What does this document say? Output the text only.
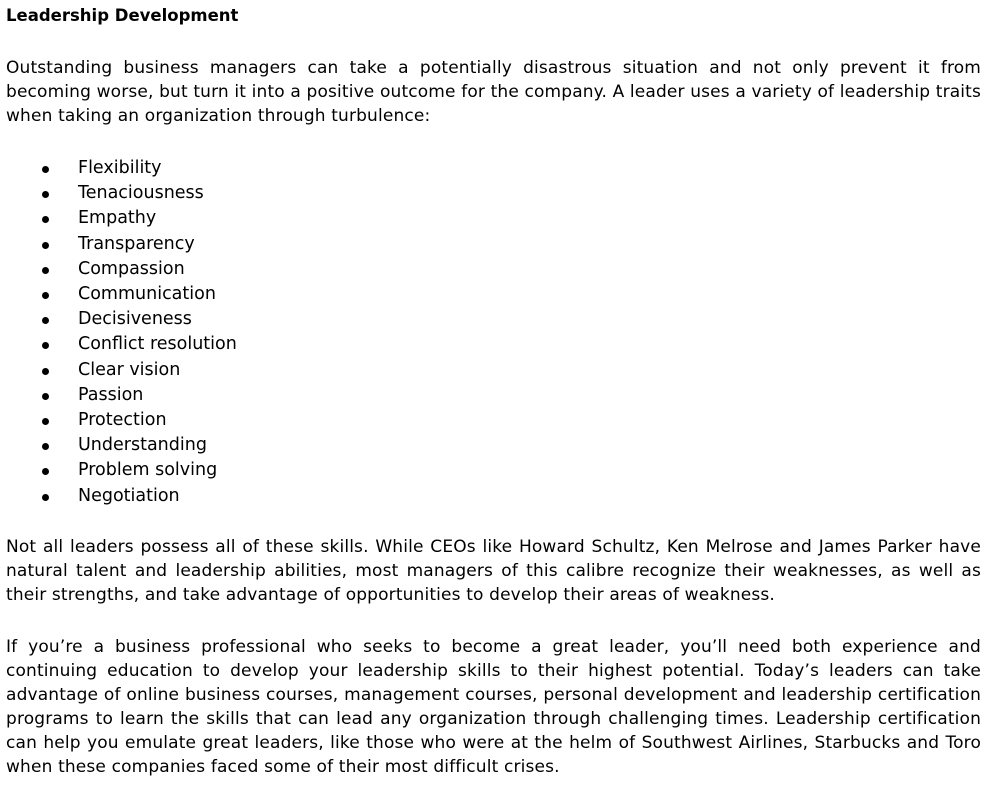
Leadership Development

Outstanding business managers can take a potentially disastrous situation and not only prevent it from becoming worse, but turn it into a positive outcome for the company. A leader uses a variety of leadership traits when taking an organization through turbulence:

Flexibility
Tenaciousness
Empathy
Transparency
Compassion
Communication
Decisiveness
Conflict resolution
Clear vision
Passion
Protection
Understanding
Problem solving
Negotiation

Not all leaders possess all of these skills. While CEOs like Howard Schultz, Ken Melrose and James Parker have natural talent and leadership abilities, most managers of this calibre recognize their weaknesses, as well as their strengths, and take advantage of opportunities to develop their areas of weakness.

If you’re a business professional who seeks to become a great leader, you’ll need both experience and continuing education to develop your leadership skills to their highest potential. Today’s leaders can take advantage of online business courses, management courses, personal development and leadership certification programs to learn the skills that can lead any organization through challenging times. Leadership certification can help you emulate great leaders, like those who were at the helm of Southwest Airlines, Starbucks and Toro when these companies faced some of their most difficult crises.
